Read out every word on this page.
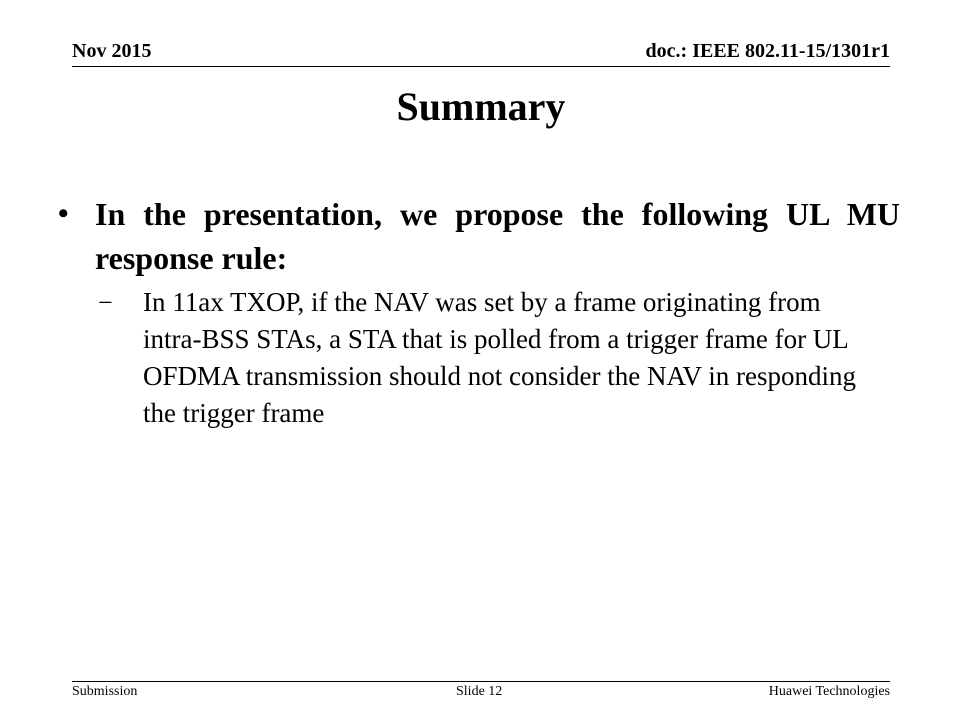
Nov 2015	doc.: IEEE 802.11-15/1301r1
Summary
• In the presentation, we propose the following UL MU response rule:
− In 11ax TXOP, if the NAV was set by a frame originating from intra-BSS STAs, a STA that is polled from a trigger frame for UL OFDMA transmission should not consider the NAV in responding the trigger frame
Submission	Slide 12	Huawei Technologies
